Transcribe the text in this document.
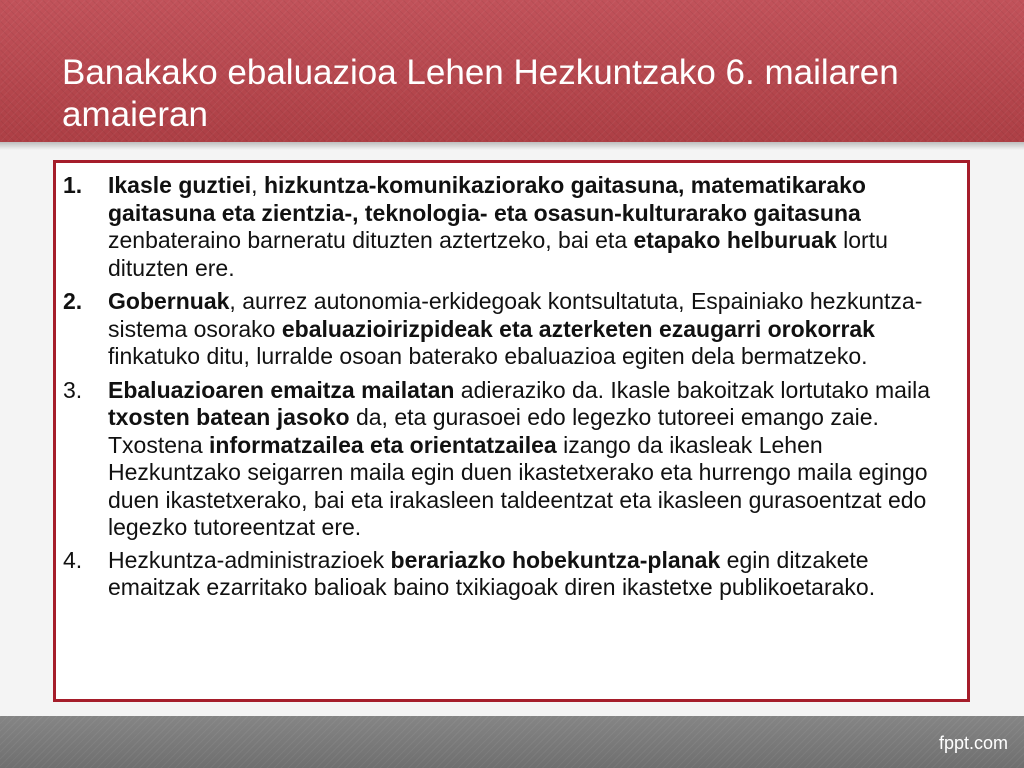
Banakako ebaluazioa Lehen Hezkuntzako 6. mailaren amaieran
1. Ikasle guztiei, hizkuntza-komunikaziorako gaitasuna, matematikarako gaitasuna eta zientzia-, teknologia- eta osasun-kulturarako gaitasuna zenbateraino barneratu dituzten aztertzeko, bai eta etapako helburuak lortu dituzten ere.
2. Gobernuak, aurrez autonomia-erkidegoak kontsultatuta, Espainiako hezkuntza-sistema osorako ebaluazioirizpideak eta azterketen ezaugarri orokorrak finkatuko ditu, lurralde osoan baterako ebaluazioa egiten dela bermatzeko.
3. Ebaluazioaren emaitza mailatan adieraziko da. Ikasle bakoitzak lortutako maila txosten batean jasoko da, eta gurasoei edo legezko tutoreei emango zaie. Txostena informatzailea eta orientatzailea izango da ikasleak Lehen Hezkuntzako seigarren maila egin duen ikastetxerako eta hurrengo maila egingo duen ikastetxerako, bai eta irakasleen taldeentzat eta ikasleen gurasoentzat edo legezko tutoreentzat ere.
4. Hezkuntza-administrazioek berariazko hobekuntza-planak egin ditzakete emaitzak ezarritako balioak baino txikiagoak diren ikastetxe publikoetarako.
fppt.com
